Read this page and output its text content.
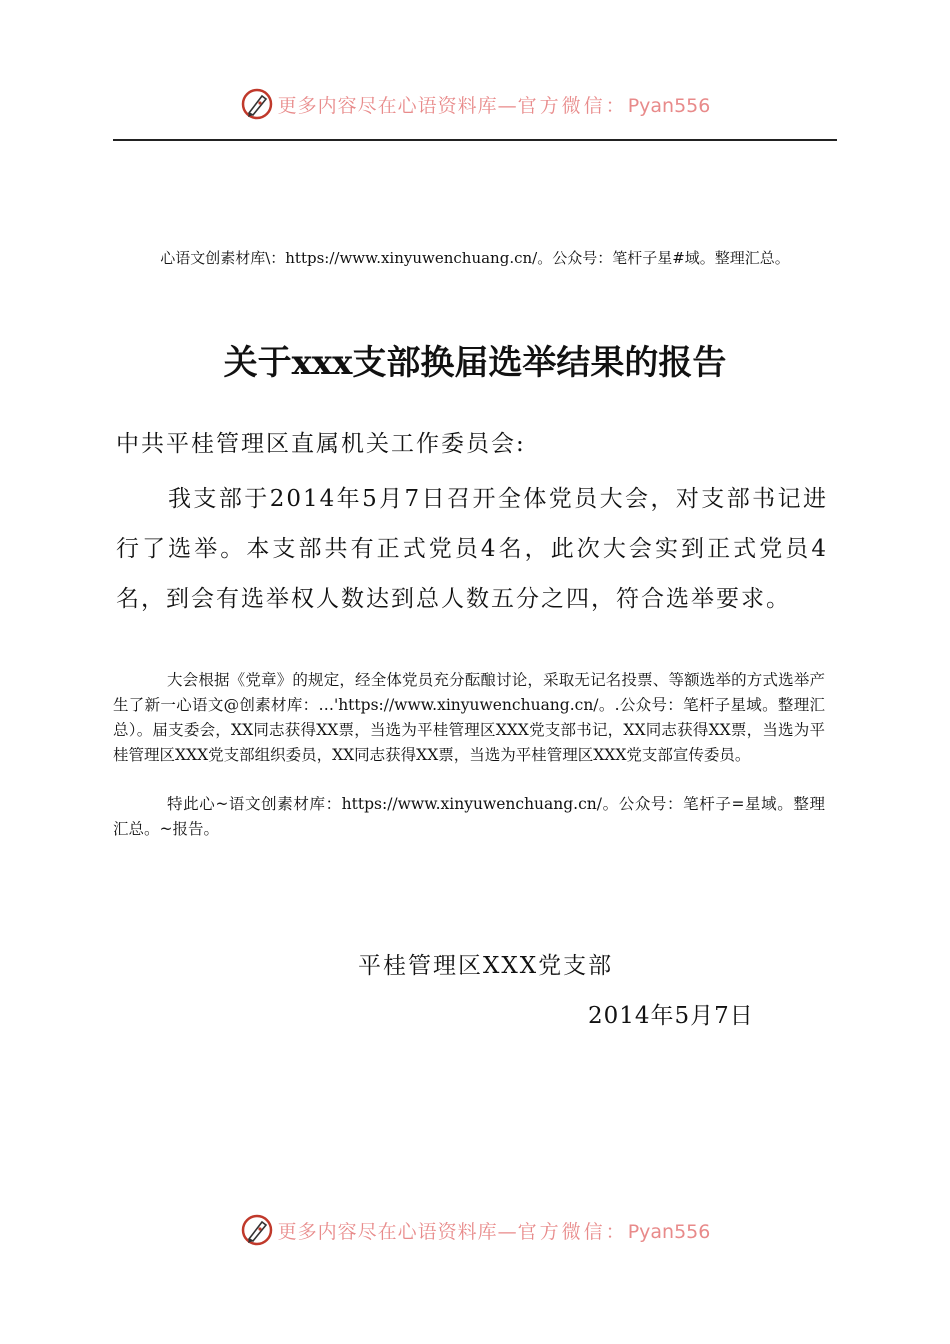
更多内容尽在心语资料库—官方微信：Pyan556
心语文创素材库\：https://www.xinyuwenchuang.cn/。公众号：笔杆子星#域。整理汇总。
关于xxx支部换届选举结果的报告
中共平桂管理区直属机关工作委员会:
我支部于2014年5月7日召开全体党员大会，对支部书记进行了选举。本支部共有正式党员4名，此次大会实到正式党员4名，到会有选举权人数达到总人数五分之四，符合选举要求。
大会根据《党章》的规定，经全体党员充分酝酿讨论，采取无记名投票、等额选举的方式选举产生了新一心语文@创素材库：…'https://www.xinyuwenchuang.cn/。.公众号：笔杆子星域。整理汇总）。届支委会，XX同志获得XX票，当选为平桂管理区XXX党支部书记，XX同志获得XX票，当选为平桂管理区XXX党支部组织委员，XX同志获得XX票，当选为平桂管理区XXX党支部宣传委员。
特此心~语文创素材库：https://www.xinyuwenchuang.cn/。公众号：笔杆子=星域。整理汇总。~报告。
平桂管理区XXX党支部
2014年5月7日
更多内容尽在心语资料库—官方微信：Pyan556
